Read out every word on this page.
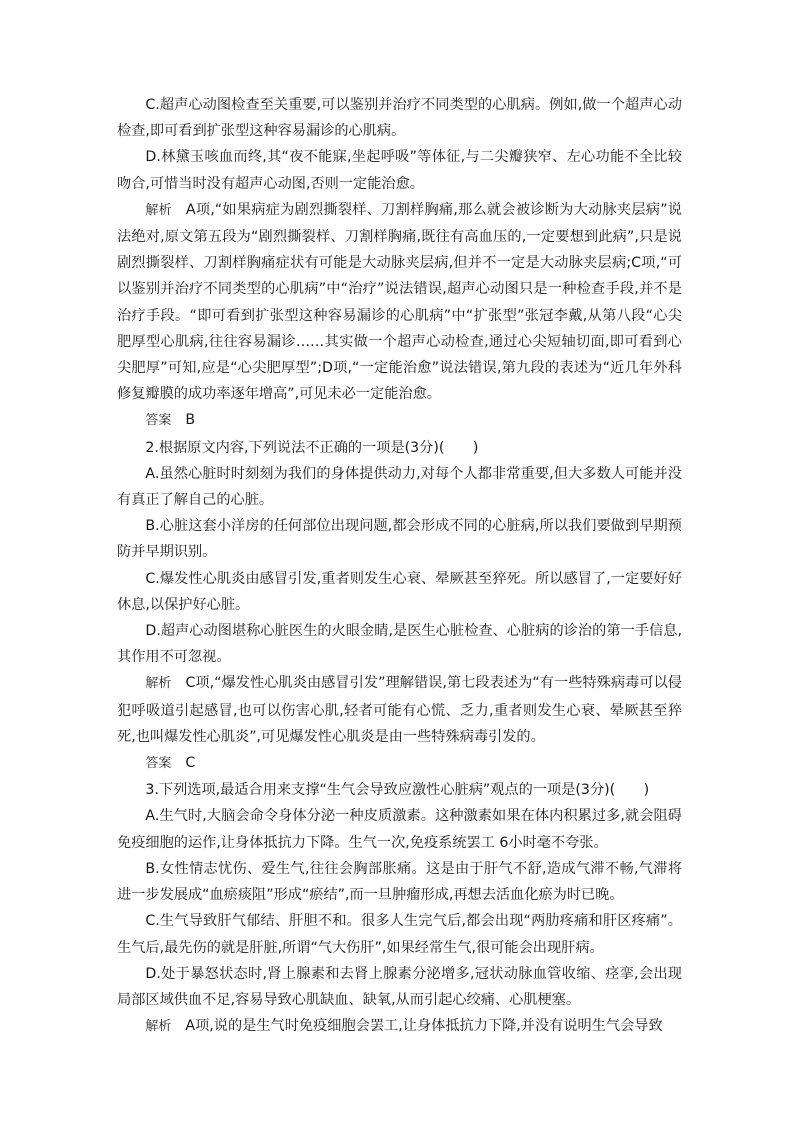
C.超声心动图检查至关重要,可以鉴别并治疗不同类型的心肌病。例如,做一个超声心动检查,即可看到扩张型这种容易漏诊的心肌病。

D.林黛玉咳血而终,其“夜不能寐,坐起呼吸”等体征,与二尖瓣狭窄、左心功能不全比较吻合,可惜当时没有超声心动图,否则一定能治愈。

解析 A项,“如果病症为剧烈撕裂样、刀割样胸痛,那么就会被诊断为大动脉夹层病”说法绝对,原文第五段为“剧烈撕裂样、刀割样胸痛,既往有高血压的,一定要想到此病”,只是说剧烈撕裂样、刀割样胸痛症状有可能是大动脉夹层病,但并不一定是大动脉夹层病;C项,“可以鉴别并治疗不同类型的心肌病”中“治疗”说法错误,超声心动图只是一种检查手段,并不是治疗手段。“即可看到扩张型这种容易漏诊的心肌病”中“扩张型”张冠李戴,从第八段“心尖肥厚型心肌病,往往容易漏诊……其实做一个超声心动检查,通过心尖短轴切面,即可看到心尖肥厚”可知,应是“心尖肥厚型”;D项,“一定能治愈”说法错误,第九段的表述为“近几年外科修复瓣膜的成功率逐年增高”,可见未必一定能治愈。

答案 B

2.根据原文内容,下列说法不正确的一项是(3分)(　　)

A.虽然心脏时时刻刻为我们的身体提供动力,对每个人都非常重要,但大多数人可能并没有真正了解自己的心脏。

B.心脏这套小洋房的任何部位出现问题,都会形成不同的心脏病,所以我们要做到早期预防并早期识别。

C.爆发性心肌炎由感冒引发,重者则发生心衰、晕厥甚至猝死。所以感冒了,一定要好好休息,以保护好心脏。

D.超声心动图堪称心脏医生的火眼金睛,是医生心脏检查、心脏病的诊治的第一手信息,其作用不可忽视。

解析 C项,“爆发性心肌炎由感冒引发”理解错误,第七段表述为“有一些特殊病毒可以侵犯呼吸道引起感冒,也可以伤害心肌,轻者可能有心慌、乏力,重者则发生心衰、晕厥甚至猝死,也叫爆发性心肌炎”,可见爆发性心肌炎是由一些特殊病毒引发的。

答案 C

3.下列选项,最适合用来支撑“生气会导致应激性心脏病”观点的一项是(3分)(　　)

A.生气时,大脑会命令身体分泌一种皮质激素。这种激素如果在体内积累过多,就会阻碍免疫细胞的运作,让身体抵抗力下降。生气一次,免疫系统罢工 6小时毫不夸张。

B.女性情志忧伤、爱生气,往往会胸部胀痛。这是由于肝气不舒,造成气滞不畅,气滞将进一步发展成“血瘀痰阻”形成“瘀结”,而一旦肿瘤形成,再想去活血化瘀为时已晚。

C.生气导致肝气郁结、肝胆不和。很多人生完气后,都会出现“两肋疼痛和肝区疼痛”。生气后,最先伤的就是肝脏,所谓“气大伤肝”,如果经常生气,很可能会出现肝病。

D.处于暴怒状态时,肾上腺素和去肾上腺素分泌增多,冠状动脉血管收缩、痉挛,会出现局部区域供血不足,容易导致心肌缺血、缺氧,从而引起心绞痛、心肌梗塞。

解析 A项,说的是生气时免疫细胞会罢工,让身体抵抗力下降,并没有说明生气会导致
